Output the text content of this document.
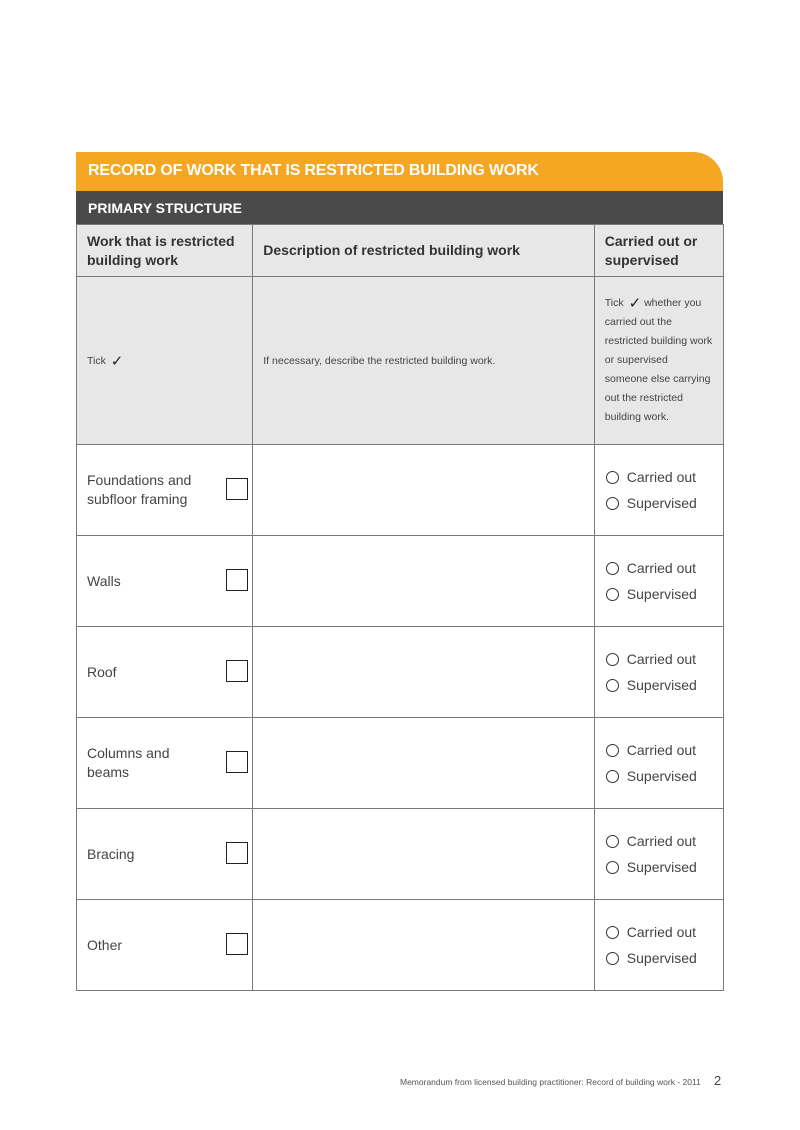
RECORD OF WORK THAT IS RESTRICTED BUILDING WORK
PRIMARY STRUCTURE
Work that is restricted building work	Description of restricted building work	Carried out or supervised
Tick ✓	If necessary, describe the restricted building work.	Tick ✓ whether you carried out the restricted building work or supervised someone else carrying out the restricted building work.

Foundations and subfloor framing		Carried out
Supervised

Walls		Carried out
Supervised

Roof		Carried out
Supervised

Columns and beams		Carried out
Supervised

Bracing		Carried out
Supervised

Other		Carried out
Supervised
Memorandum from licensed building practitioner: Record of building work - 2011 2
